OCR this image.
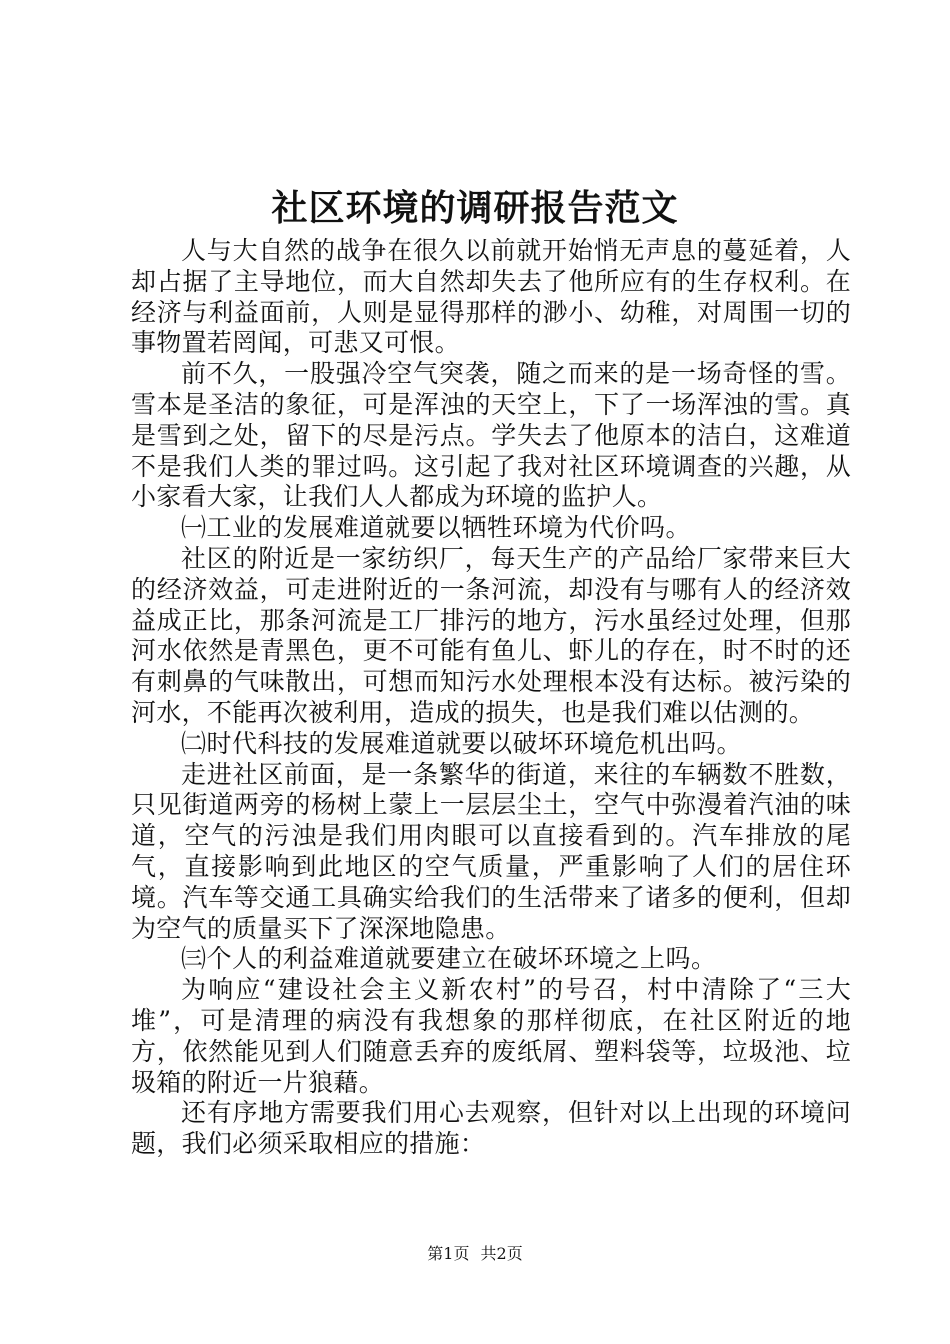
社区环境的调研报告范文

人与大自然的战争在很久以前就开始悄无声息的蔓延着，人却占据了主导地位，而大自然却失去了他所应有的生存权利。在经济与利益面前，人则是显得那样的渺小、幼稚，对周围一切的事物置若罔闻，可悲又可恨。

前不久，一股强冷空气突袭，随之而来的是一场奇怪的雪。雪本是圣洁的象征，可是浑浊的天空上，下了一场浑浊的雪。真是雪到之处，留下的尽是污点。学失去了他原本的洁白，这难道不是我们人类的罪过吗。这引起了我对社区环境调查的兴趣，从小家看大家，让我们人人都成为环境的监护人。

㈠工业的发展难道就要以牺牲环境为代价吗。

社区的附近是一家纺织厂，每天生产的产品给厂家带来巨大的经济效益，可走进附近的一条河流，却没有与哪有人的经济效益成正比，那条河流是工厂排污的地方，污水虽经过处理，但那河水依然是青黑色，更不可能有鱼儿、虾儿的存在，时不时的还有刺鼻的气味散出，可想而知污水处理根本没有达标。被污染的河水，不能再次被利用，造成的损失，也是我们难以估测的。

㈡时代科技的发展难道就要以破坏环境危机出吗。

走进社区前面，是一条繁华的街道，来往的车辆数不胜数，只见街道两旁的杨树上蒙上一层层尘土，空气中弥漫着汽油的味道，空气的污浊是我们用肉眼可以直接看到的。汽车排放的尾气，直接影响到此地区的空气质量，严重影响了人们的居住环境。汽车等交通工具确实给我们的生活带来了诸多的便利，但却为空气的质量买下了深深地隐患。

㈢个人的利益难道就要建立在破坏环境之上吗。

为响应“建设社会主义新农村”的号召，村中清除了“三大堆”，可是清理的病没有我想象的那样彻底，在社区附近的地方，依然能见到人们随意丢弃的废纸屑、塑料袋等，垃圾池、垃圾箱的附近一片狼藉。

还有序地方需要我们用心去观察，但针对以上出现的环境问题，我们必须采取相应的措施：

第1页 共2页
